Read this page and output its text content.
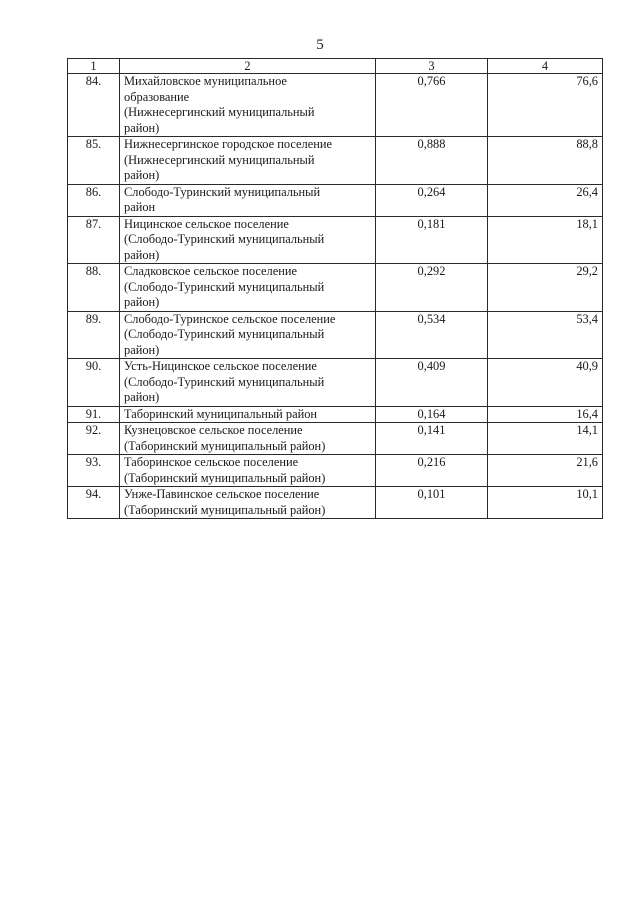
5
1	2	3	4
84.	Михайловское муниципальное
образование
(Нижнесергинский муниципальный
район)	0,766	76,6
85.	Нижнесергинское городское поселение
(Нижнесергинский муниципальный
район)	0,888	88,8
86.	Слободо-Туринский муниципальный
район	0,264	26,4
87.	Ницинское сельское поселение
(Слободо-Туринский муниципальный
район)	0,181	18,1
88.	Сладковское сельское поселение
(Слободо-Туринский муниципальный
район)	0,292	29,2
89.	Слободо-Туринское сельское поселение
(Слободо-Туринский муниципальный
район)	0,534	53,4
90.	Усть-Ницинское сельское поселение
(Слободо-Туринский муниципальный
район)	0,409	40,9
91.	Таборинский муниципальный район	0,164	16,4
92.	Кузнецовское сельское поселение
(Таборинский муниципальный район)	0,141	14,1
93.	Таборинское сельское поселение
(Таборинский муниципальный район)	0,216	21,6
94.	Унже-Павинское сельское поселение
(Таборинский муниципальный район)	0,101	10,1
